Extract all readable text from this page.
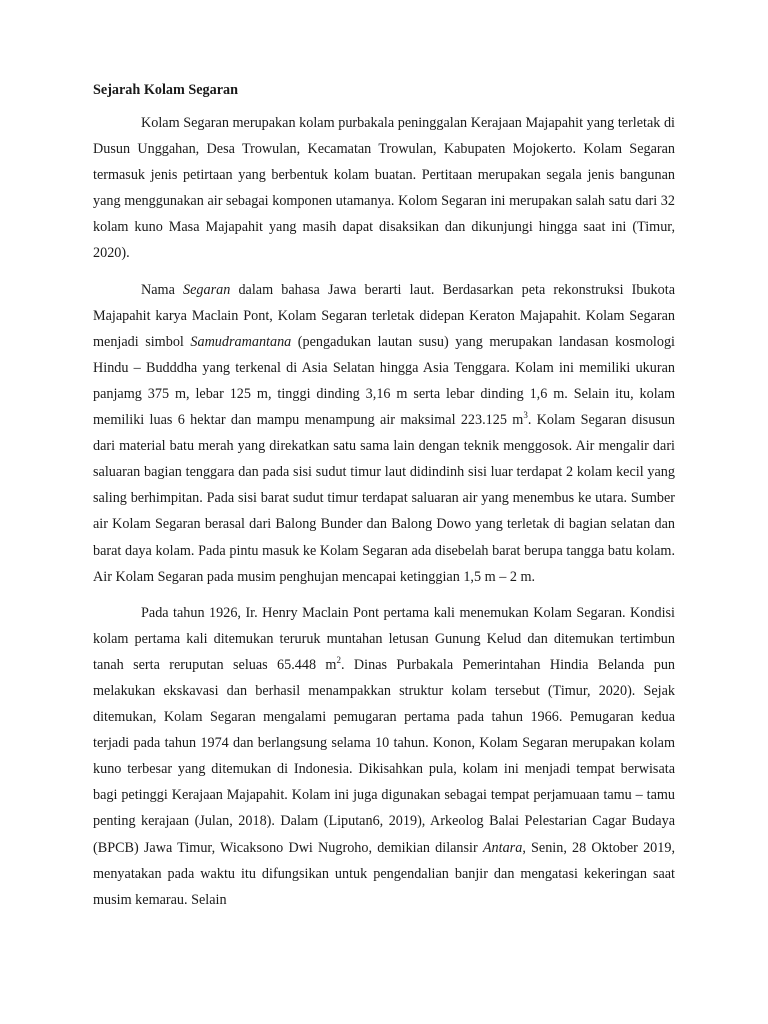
Sejarah Kolam Segaran

Kolam Segaran merupakan kolam purbakala peninggalan Kerajaan Majapahit yang terletak di Dusun Unggahan, Desa Trowulan, Kecamatan Trowulan, Kabupaten Mojokerto. Kolam Segaran termasuk jenis petirtaan yang berbentuk kolam buatan. Pertitaan merupakan segala jenis bangunan yang menggunakan air sebagai komponen utamanya. Kolom Segaran ini merupakan salah satu dari 32 kolam kuno Masa Majapahit yang masih dapat disaksikan dan dikunjungi hingga saat ini (Timur, 2020).

Nama Segaran dalam bahasa Jawa berarti laut. Berdasarkan peta rekonstruksi Ibukota Majapahit karya Maclain Pont, Kolam Segaran terletak didepan Keraton Majapahit. Kolam Segaran menjadi simbol Samudramantana (pengadukan lautan susu) yang merupakan landasan kosmologi Hindu – Budddha yang terkenal di Asia Selatan hingga Asia Tenggara. Kolam ini memiliki ukuran panjamg 375 m, lebar 125 m, tinggi dinding 3,16 m serta lebar dinding 1,6 m. Selain itu, kolam memiliki luas 6 hektar dan mampu menampung air maksimal 223.125 $m^3$. Kolam Segaran disusun dari material batu merah yang direkatkan satu sama lain dengan teknik menggosok. Air mengalir dari saluaran bagian tenggara dan pada sisi sudut timur laut didindinh sisi luar terdapat 2 kolam kecil yang saling berhimpitan. Pada sisi barat sudut timur terdapat saluaran air yang menembus ke utara. Sumber air Kolam Segaran berasal dari Balong Bunder dan Balong Dowo yang terletak di bagian selatan dan barat daya kolam. Pada pintu masuk ke Kolam Segaran ada disebelah barat berupa tangga batu kolam. Air Kolam Segaran pada musim penghujan mencapai ketinggian 1,5 m – 2 m.

Pada tahun 1926, Ir. Henry Maclain Pont pertama kali menemukan Kolam Segaran. Kondisi kolam pertama kali ditemukan teruruk muntahan letusan Gunung Kelud dan ditemukan tertimbun tanah serta reruputan seluas 65.448 $m^2$. Dinas Purbakala Pemerintahan Hindia Belanda pun melakukan ekskavasi dan berhasil menampakkan struktur kolam tersebut (Timur, 2020). Sejak ditemukan, Kolam Segaran mengalami pemugaran pertama pada tahun 1966. Pemugaran kedua terjadi pada tahun 1974 dan berlangsung selama 10 tahun. Konon, Kolam Segaran merupakan kolam kuno terbesar yang ditemukan di Indonesia. Dikisahkan pula, kolam ini menjadi tempat berwisata bagi petinggi Kerajaan Majapahit. Kolam ini juga digunakan sebagai tempat perjamuaan tamu – tamu penting kerajaan (Julan, 2018). Dalam (Liputan6, 2019), Arkeolog Balai Pelestarian Cagar Budaya (BPCB) Jawa Timur, Wicaksono Dwi Nugroho, demikian dilansir Antara, Senin, 28 Oktober 2019, menyatakan pada waktu itu difungsikan untuk pengendalian banjir dan mengatasi kekeringan saat musim kemarau. Selain
